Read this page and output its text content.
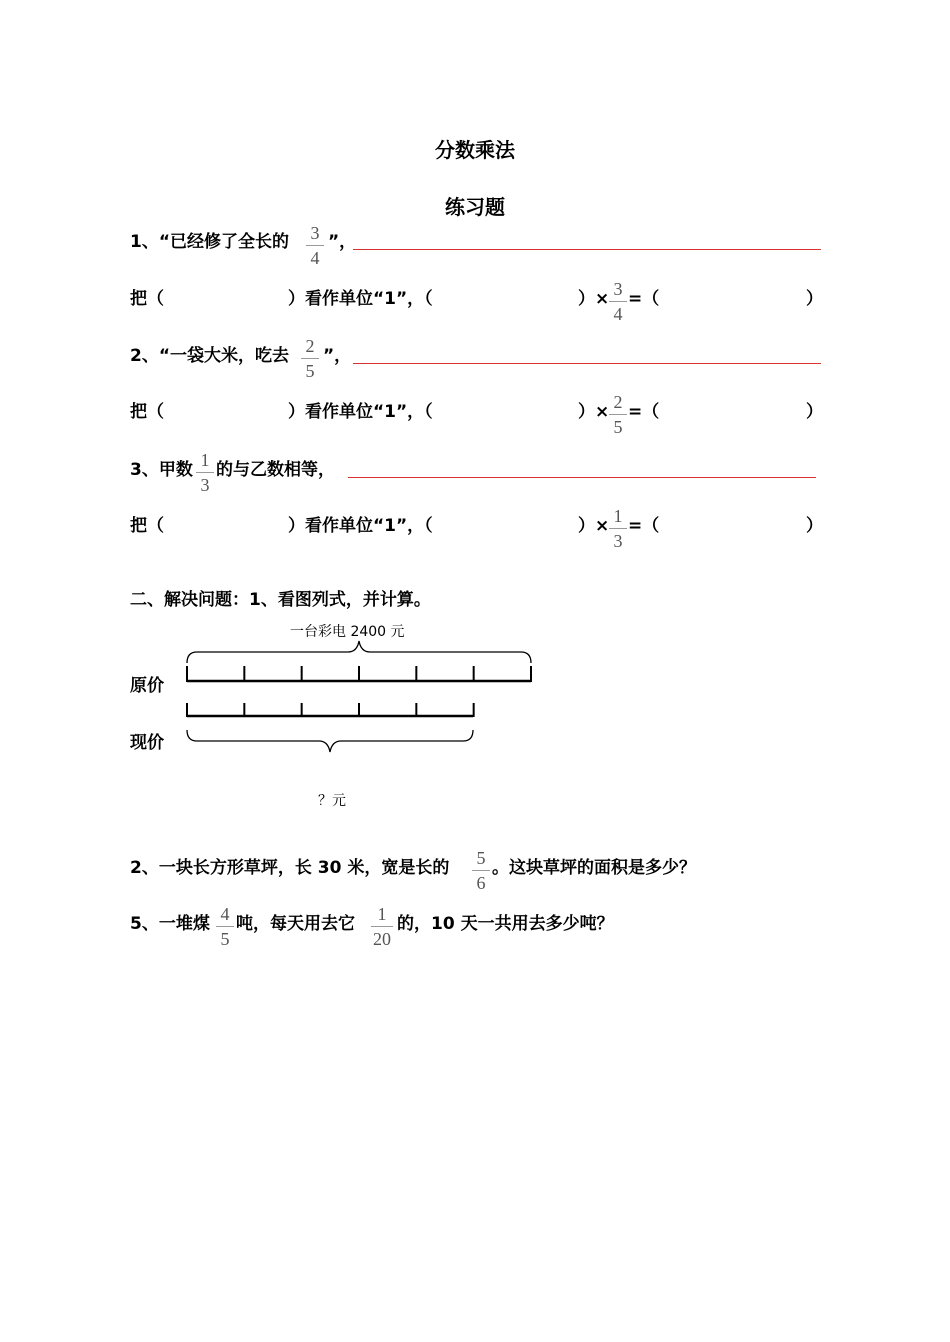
分数乘法
练习题
1、“已经修了全长的	3
4
”，
把（	）看作单位“1”，（	）× 3
4
=（	）
2、“一袋大米，吃去 2
5
”，
把（	）看作单位“1”，（	）× 2
5
=（	）
3、甲数 1
3
的与乙数相等，
把（	）看作单位“1”，（	）× 1
3
=（	）
二、解决问题：1、看图列式，并计算。
一台彩电 2400 元
原价
现价
？元
2、一块长方形草坪，长 30 米，宽是长的	5
6
。这块草坪的面积是多少？
5、一堆煤 4
5
吨，每天用去它	1
20
的，10 天一共用去多少吨？
